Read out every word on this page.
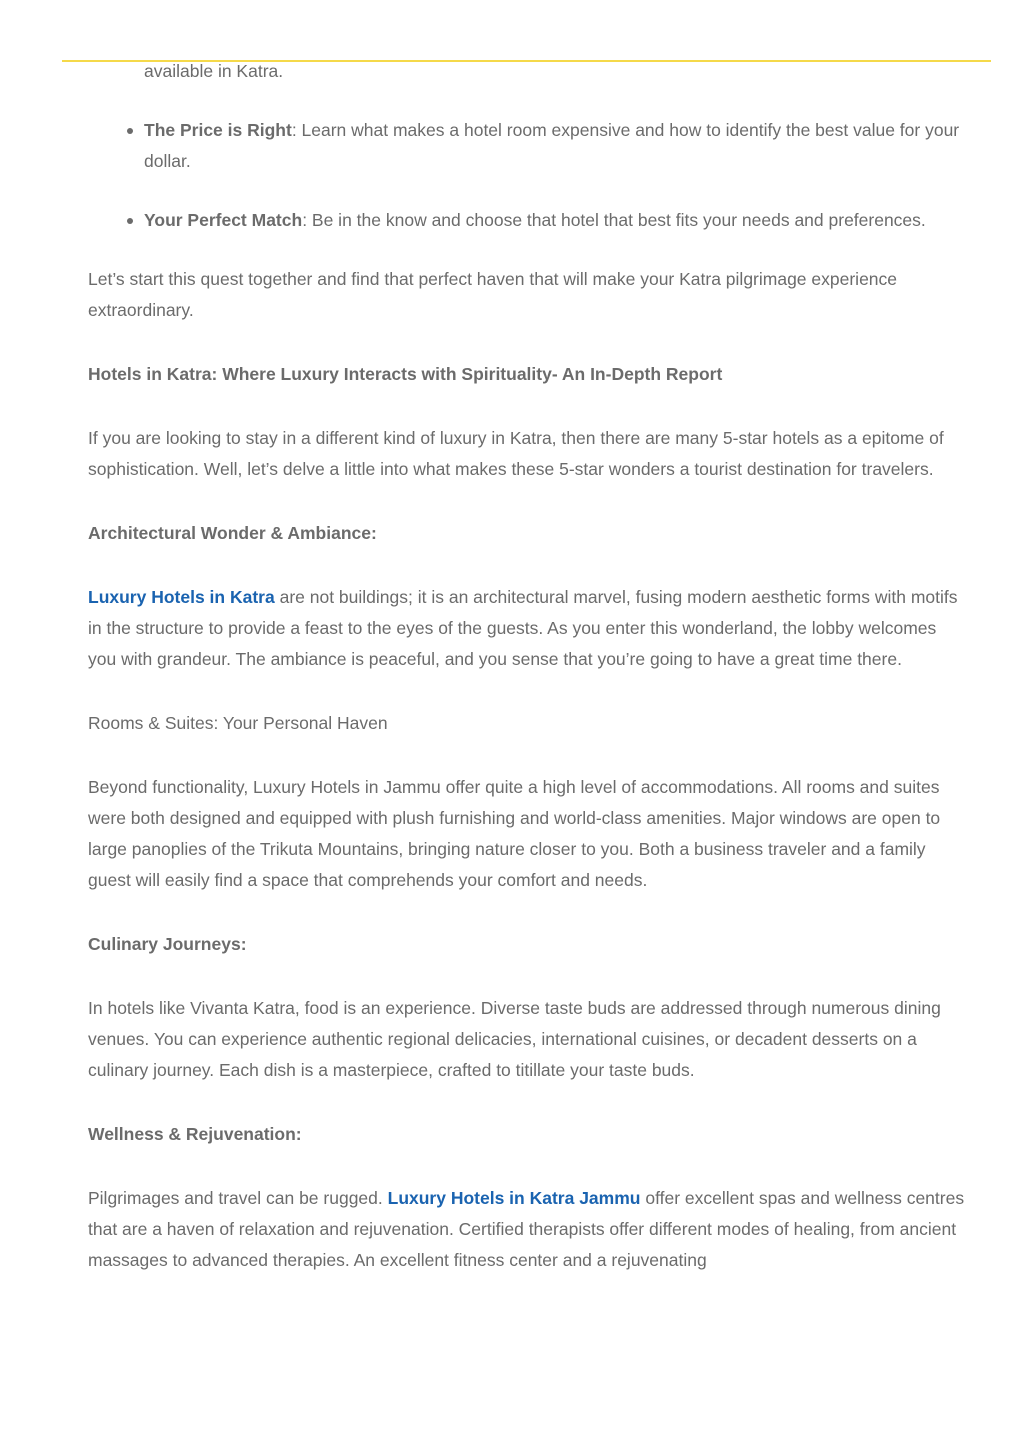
available in Katra.

The Price is Right: Learn what makes a hotel room expensive and how to identify the best value for your dollar.
Your Perfect Match: Be in the know and choose that hotel that best fits your needs and preferences.

Let’s start this quest together and find that perfect haven that will make your Katra pilgrimage experience extraordinary.

Hotels in Katra: Where Luxury Interacts with Spirituality- An In-Depth Report

If you are looking to stay in a different kind of luxury in Katra, then there are many 5-star hotels as a epitome of sophistication. Well, let’s delve a little into what makes these 5-star wonders a tourist destination for travelers.

Architectural Wonder & Ambiance:

Luxury Hotels in Katra are not buildings; it is an architectural marvel, fusing modern aesthetic forms with motifs in the structure to provide a feast to the eyes of the guests. As you enter this wonderland, the lobby welcomes you with grandeur. The ambiance is peaceful, and you sense that you’re going to have a great time there.

Rooms & Suites: Your Personal Haven

Beyond functionality, Luxury Hotels in Jammu offer quite a high level of accommodations. All rooms and suites were both designed and equipped with plush furnishing and world-class amenities. Major windows are open to large panoplies of the Trikuta Mountains, bringing nature closer to you. Both a business traveler and a family guest will easily find a space that comprehends your comfort and needs.

Culinary Journeys:

In hotels like Vivanta Katra, food is an experience. Diverse taste buds are addressed through numerous dining venues. You can experience authentic regional delicacies, international cuisines, or decadent desserts on a culinary journey. Each dish is a masterpiece, crafted to titillate your taste buds.

Wellness & Rejuvenation:

Pilgrimages and travel can be rugged. Luxury Hotels in Katra Jammu offer excellent spas and wellness centres that are a haven of relaxation and rejuvenation. Certified therapists offer different modes of healing, from ancient massages to advanced therapies. An excellent fitness center and a rejuvenating
